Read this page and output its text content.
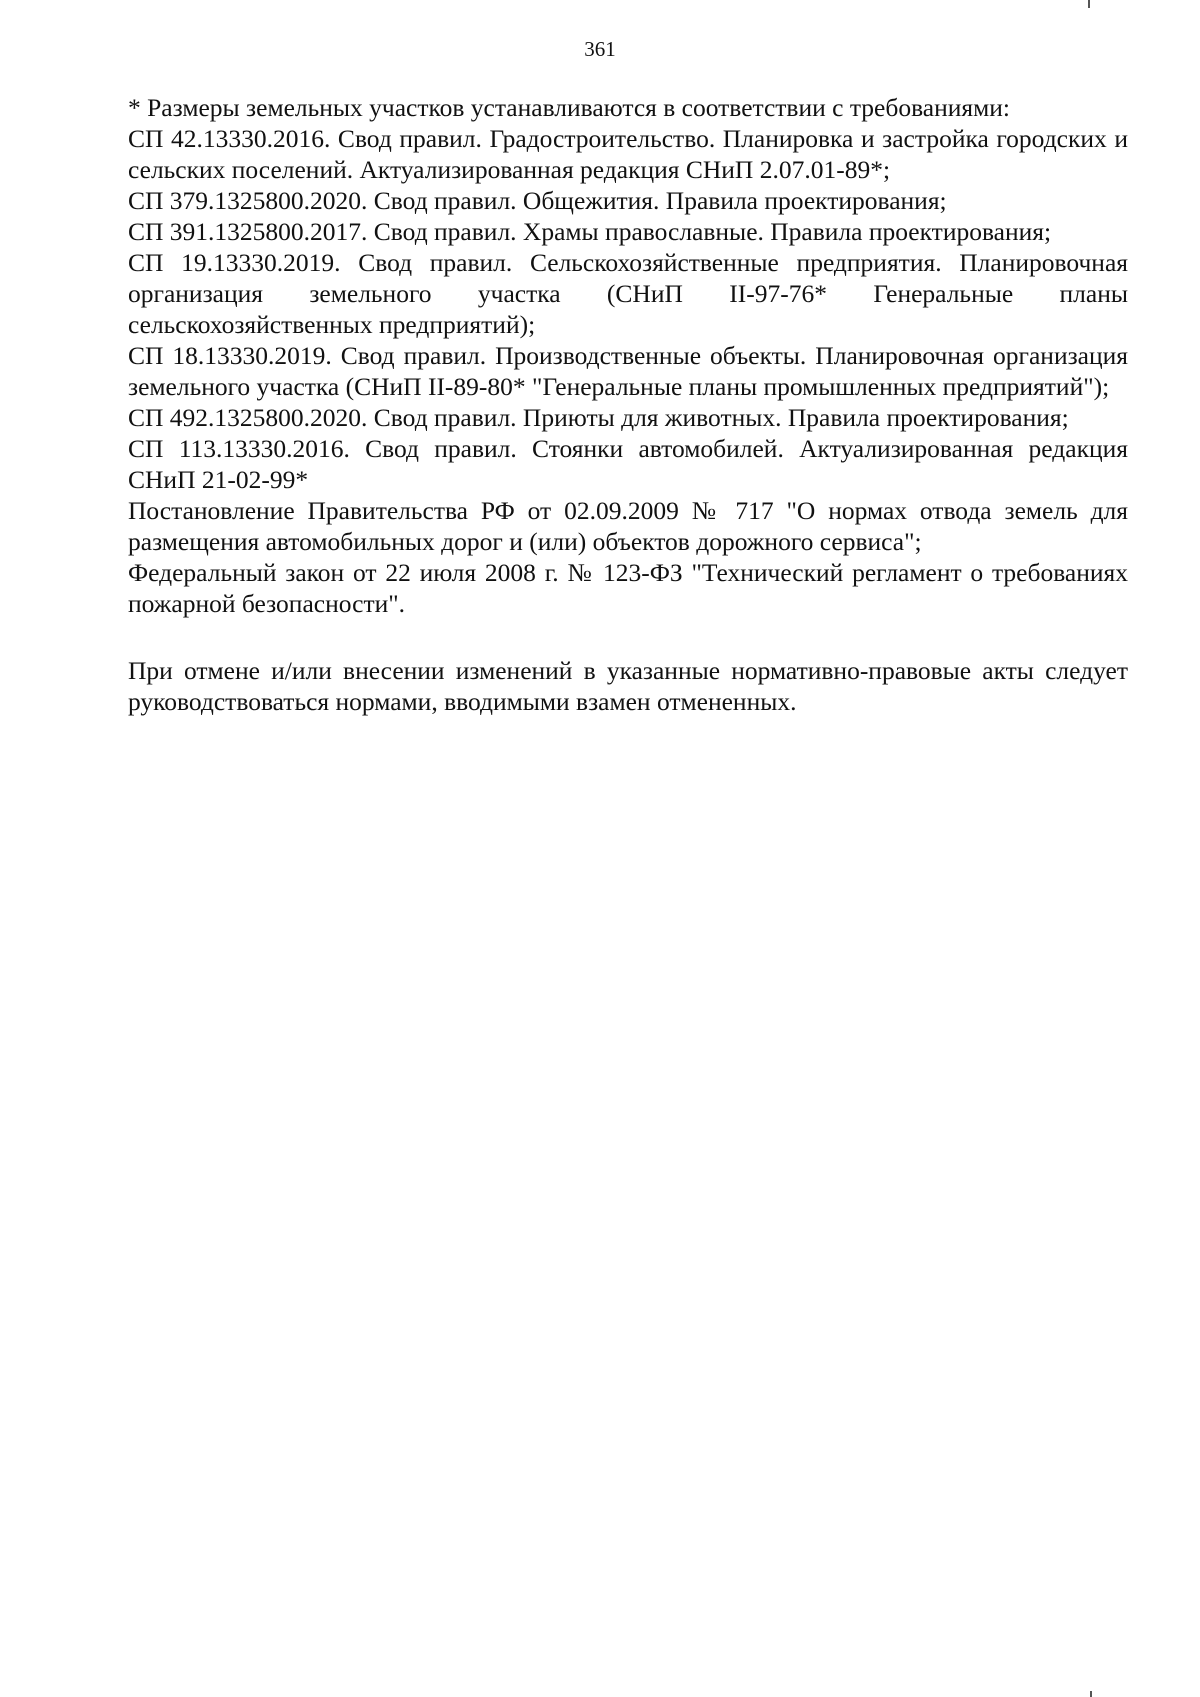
361

* Размеры земельных участков устанавливаются в соответствии с требованиями:

СП 42.13330.2016. Свод правил. Градостроительство. Планировка и застройка городских и сельских поселений. Актуализированная редакция СНиП 2.07.01-89*;

СП 379.1325800.2020. Свод правил. Общежития. Правила проектирования;

СП 391.1325800.2017. Свод правил. Храмы православные. Правила проектирования;

СП 19.13330.2019. Свод правил. Сельскохозяйственные предприятия. Планировочная организация земельного участка (СНиП II-97-76* Генеральные планы сельскохозяйственных предприятий);

СП 18.13330.2019. Свод правил. Производственные объекты. Планировочная организация земельного участка (СНиП II-89-80* "Генеральные планы промышленных предприятий");

СП 492.1325800.2020. Свод правил. Приюты для животных. Правила проектирования;

СП 113.13330.2016. Свод правил. Стоянки автомобилей. Актуализированная редакция СНиП 21-02-99*

Постановление Правительства РФ от 02.09.2009 № 717 "О нормах отвода земель для размещения автомобильных дорог и (или) объектов дорожного сервиса";

Федеральный закон от 22 июля 2008 г. № 123-ФЗ "Технический регламент о требованиях пожарной безопасности".

При отмене и/или внесении изменений в указанные нормативно-правовые акты следует руководствоваться нормами, вводимыми взамен отмененных.
